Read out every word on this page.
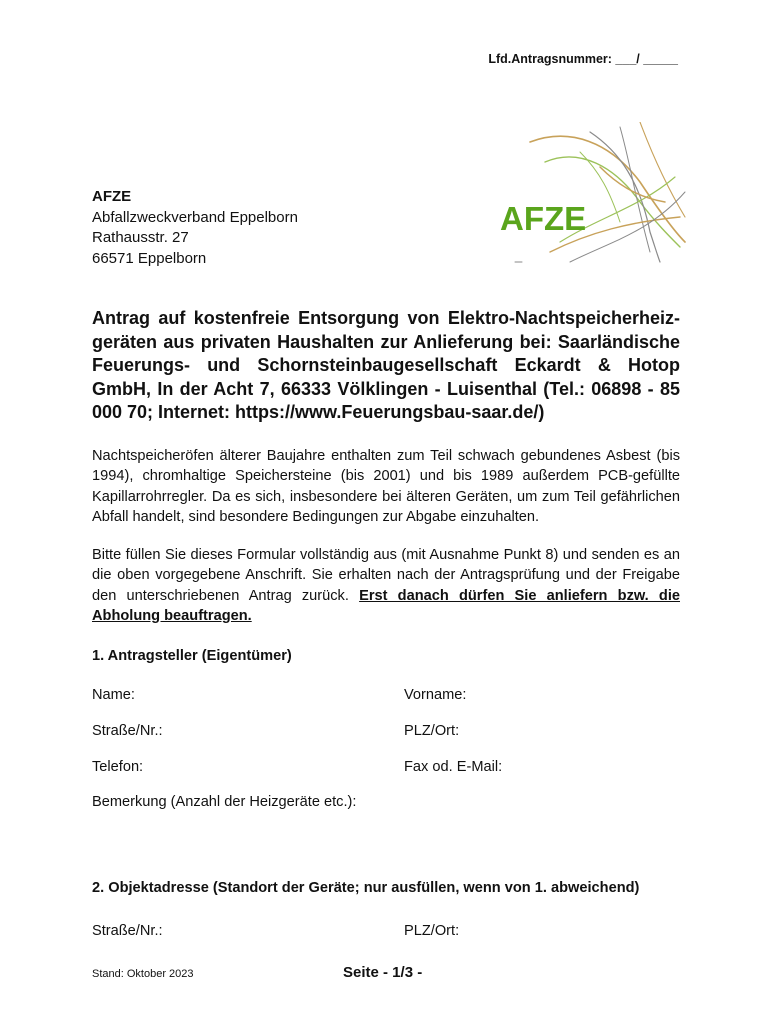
Lfd.Antragsnummer: ___/ _____
AFZE
Abfallzweckverband Eppelborn
Rathausstr. 27
66571 Eppelborn
AFZE
Antrag auf kostenfreie Entsorgung von Elektro-Nachtspeicherheiz-geräten aus privaten Haushalten zur Anlieferung bei: Saarländische Feuerungs- und Schornsteinbaugesellschaft Eckardt & Hotop GmbH, In der Acht 7, 66333 Völklingen - Luisenthal (Tel.: 06898 - 85 000 70; Internet: https://www.Feuerungsbau-saar.de/)
Nachtspeicheröfen älterer Baujahre enthalten zum Teil schwach gebundenes Asbest (bis 1994), chromhaltige Speichersteine (bis 2001) und bis 1989 außerdem PCB-gefüllte Kapillarrohrregler. Da es sich, insbesondere bei älteren Geräten, um zum Teil gefährlichen Abfall handelt, sind besondere Bedingungen zur Abgabe einzuhalten.
Bitte füllen Sie dieses Formular vollständig aus (mit Ausnahme Punkt 8) und senden es an die oben vorgegebene Anschrift. Sie erhalten nach der Antragsprüfung und der Freigabe den unterschriebenen Antrag zurück. Erst danach dürfen Sie anliefern bzw. die Abholung beauftragen.
1. Antragsteller (Eigentümer)
Name:	Vorname:
Straße/Nr.:	PLZ/Ort:
Telefon:	Fax od. E-Mail:
Bemerkung (Anzahl der Heizgeräte etc.):
2. Objektadresse (Standort der Geräte; nur ausfüllen, wenn von 1. abweichend)
Straße/Nr.:	PLZ/Ort:
Stand: Oktober 2023	Seite - 1/3 -
